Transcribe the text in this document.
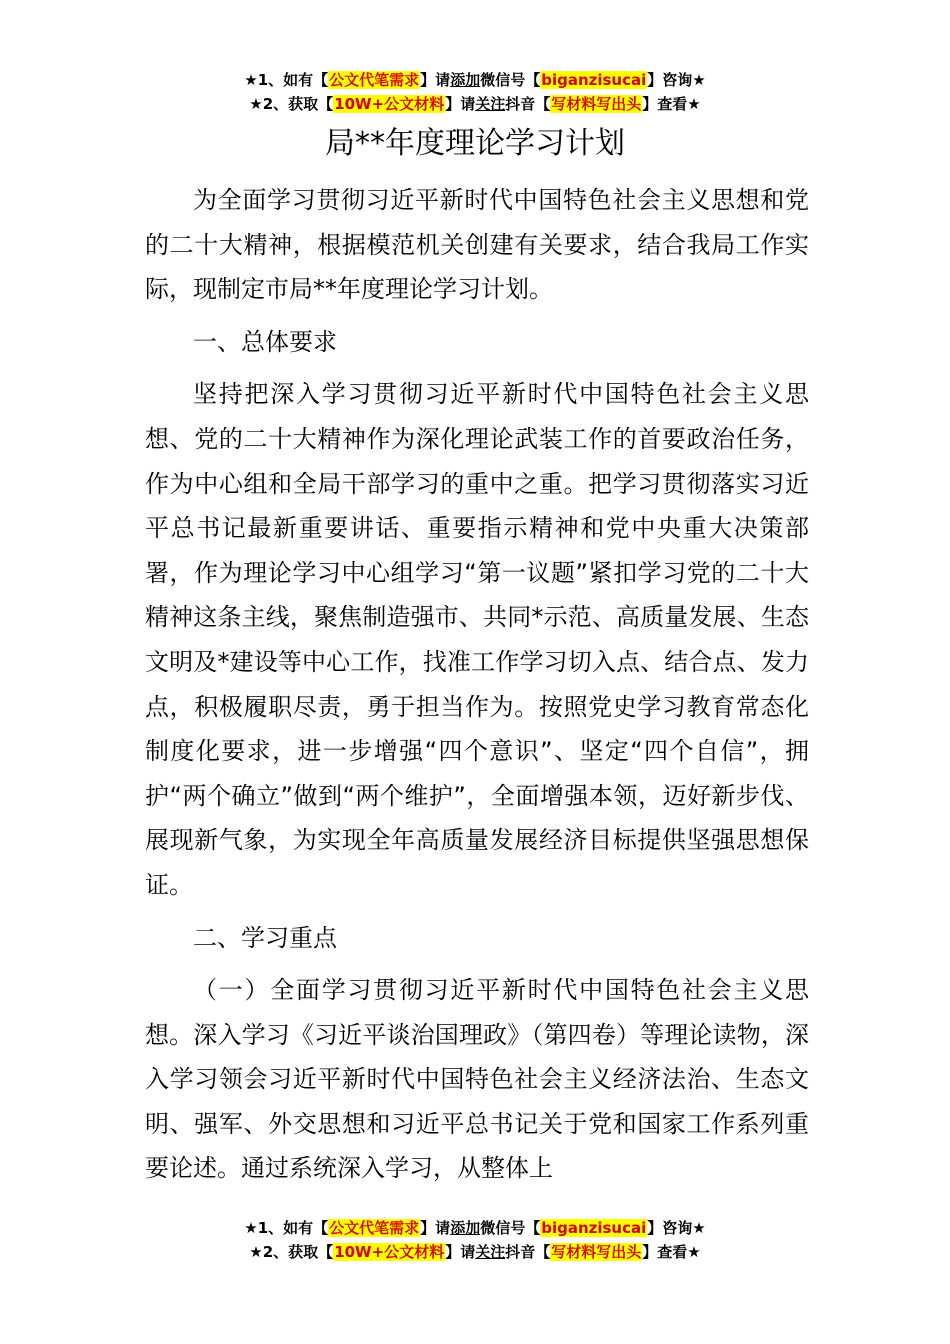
★1、如有【公文代笔需求】请添加微信号【biganzisucai】咨询★
★2、获取【10W+公文材料】请关注抖音【写材料写出头】查看★
局**年度理论学习计划

为全面学习贯彻习近平新时代中国特色社会主义思想和党的二十大精神，根据模范机关创建有关要求，结合我局工作实际，现制定市局**年度理论学习计划。

一、总体要求

坚持把深入学习贯彻习近平新时代中国特色社会主义思想、党的二十大精神作为深化理论武装工作的首要政治任务，作为中心组和全局干部学习的重中之重。把学习贯彻落实习近平总书记最新重要讲话、重要指示精神和党中央重大决策部署，作为理论学习中心组学习“第一议题”紧扣学习党的二十大精神这条主线，聚焦制造强市、共同*示范、高质量发展、生态文明及*建设等中心工作，找准工作学习切入点、结合点、发力点，积极履职尽责，勇于担当作为。按照党史学习教育常态化制度化要求，进一步增强“四个意识”、坚定“四个自信”，拥护“两个确立”做到“两个维护”，全面增强本领，迈好新步伐、展现新气象，为实现全年高质量发展经济目标提供坚强思想保证。

二、学习重点

（一）全面学习贯彻习近平新时代中国特色社会主义思想。深入学习《习近平谈治国理政》（第四卷）等理论读物，深入学习领会习近平新时代中国特色社会主义经济法治、生态文明、强军、外交思想和习近平总书记关于党和国家工作系列重要论述。通过系统深入学习，从整体上

★1、如有【公文代笔需求】请添加微信号【biganzisucai】咨询★
★2、获取【10W+公文材料】请关注抖音【写材料写出头】查看★
